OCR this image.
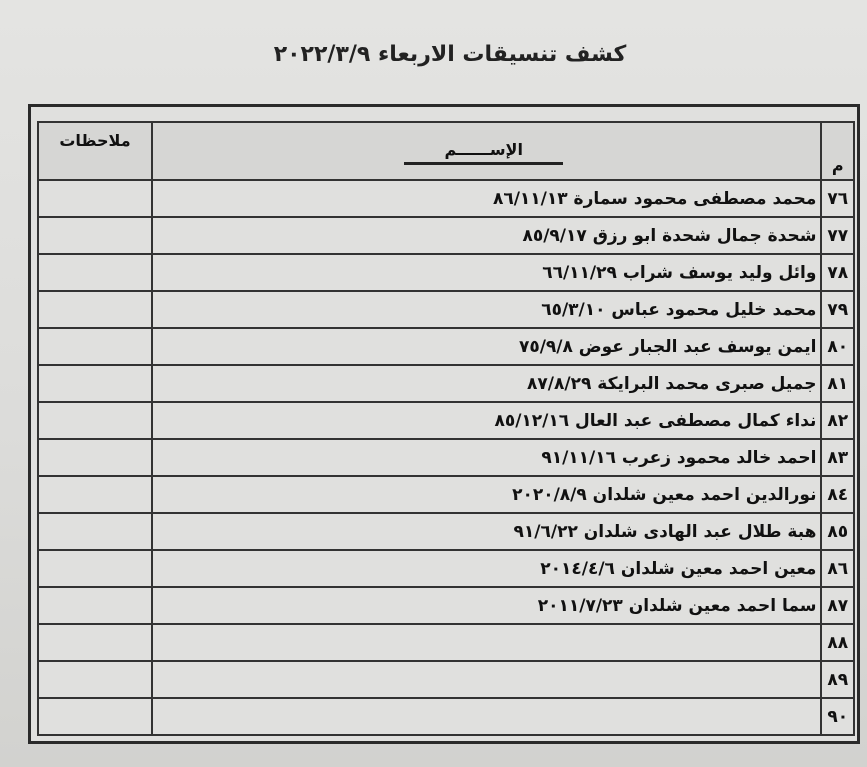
كشف تنسيقات الاربعاء ٢٠٢٢/٣/٩
م	الإســــــم	ملاحظات
٧٦	محمد مصطفى محمود سمارة ٨٦/١١/١٣	
٧٧	شحدة جمال شحدة ابو رزق ٨٥/٩/١٧	
٧٨	وائل وليد يوسف شراب ٦٦/١١/٢٩	
٧٩	محمد خليل محمود عباس ٦٥/٣/١٠	
٨٠	ايمن يوسف عبد الجبار عوض ٧٥/٩/٨	
٨١	جميل صبرى محمد البرايكة ٨٧/٨/٢٩	
٨٢	نداء كمال مصطفى عبد العال ٨٥/١٢/١٦	
٨٣	احمد خالد محمود زعرب ٩١/١١/١٦	
٨٤	نورالدين احمد معين شلدان ٢٠٢٠/٨/٩	
٨٥	هبة طلال عبد الهادى شلدان ٩١/٦/٢٢	
٨٦	معين احمد معين شلدان ٢٠١٤/٤/٦	
٨٧	سما احمد معين شلدان ٢٠١١/٧/٢٣	
٨٨		
٨٩		
٩٠		
